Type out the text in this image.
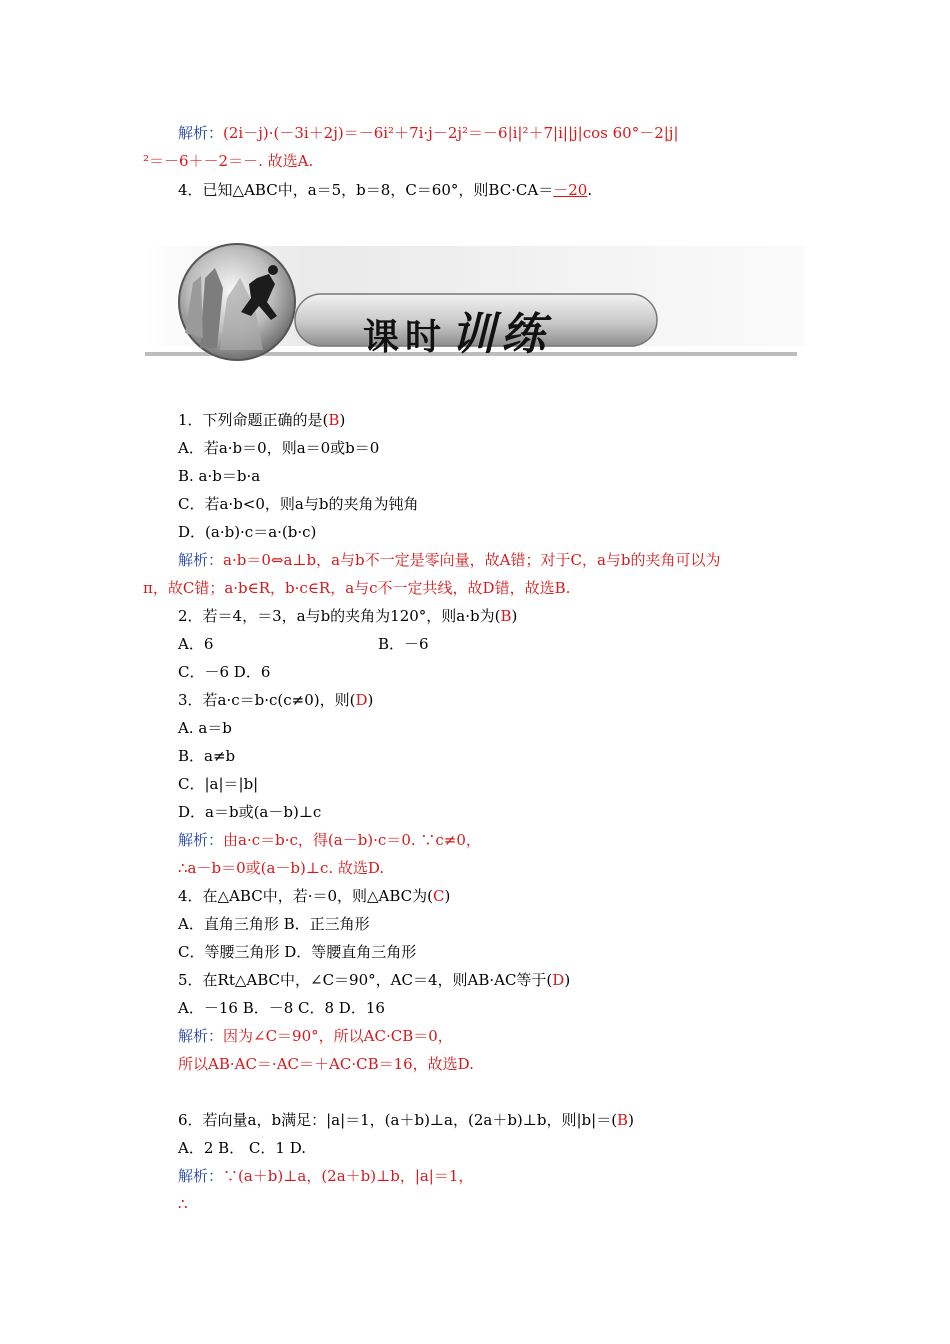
解析：(2i－j)·(－3i＋2j)＝－6i²＋7i·j－2j²＝－6|i|²＋7|i||j|cos 60°－2|j|
²＝－6＋－2＝－. 故选A.
4．已知△ABC中，a＝5，b＝8，C＝60°，则BC·CA＝－20.
课时训练
1．下列命题正确的是(B)
A．若a·b＝0，则a＝0或b＝0
B. a·b＝b·a
C．若a·b<0，则a与b的夹角为钝角
D．(a·b)·c＝a·(b·c)
解析：a·b＝0⇔a⊥b，a与b不一定是零向量，故A错；对于C，a与b的夹角可以为
π，故C错；a·b∈R，b·c∈R，a与c不一定共线，故D错，故选B.
2．若＝4，＝3，a与b的夹角为120°，则a·b为(B)
A．6	B．－6
C．－6 D．6
3．若a·c＝b·c(c≠0)，则(D)
A. a＝b
B．a≠b
C．|a|＝|b|
D．a＝b或(a－b)⊥c
解析：由a·c＝b·c，得(a－b)·c＝0. ∵c≠0，
∴a－b＝0或(a－b)⊥c. 故选D.
4．在△ABC中，若·＝0，则△ABC为(C)
A．直角三角形 B．正三角形
C．等腰三角形 D．等腰直角三角形
5．在Rt△ABC中，∠C＝90°，AC＝4，则AB·AC等于(D)
A．－16 B．－8 C．8 D．16
解析：因为∠C＝90°，所以AC·CB＝0，
所以AB·AC＝·AC＝＋AC·CB＝16，故选D.
6．若向量a，b满足：|a|＝1，(a＋b)⊥a，(2a＋b)⊥b，则|b|＝(B)
A．2 B． C．1 D.
解析：∵(a＋b)⊥a，(2a＋b)⊥b，|a|＝1，
∴
